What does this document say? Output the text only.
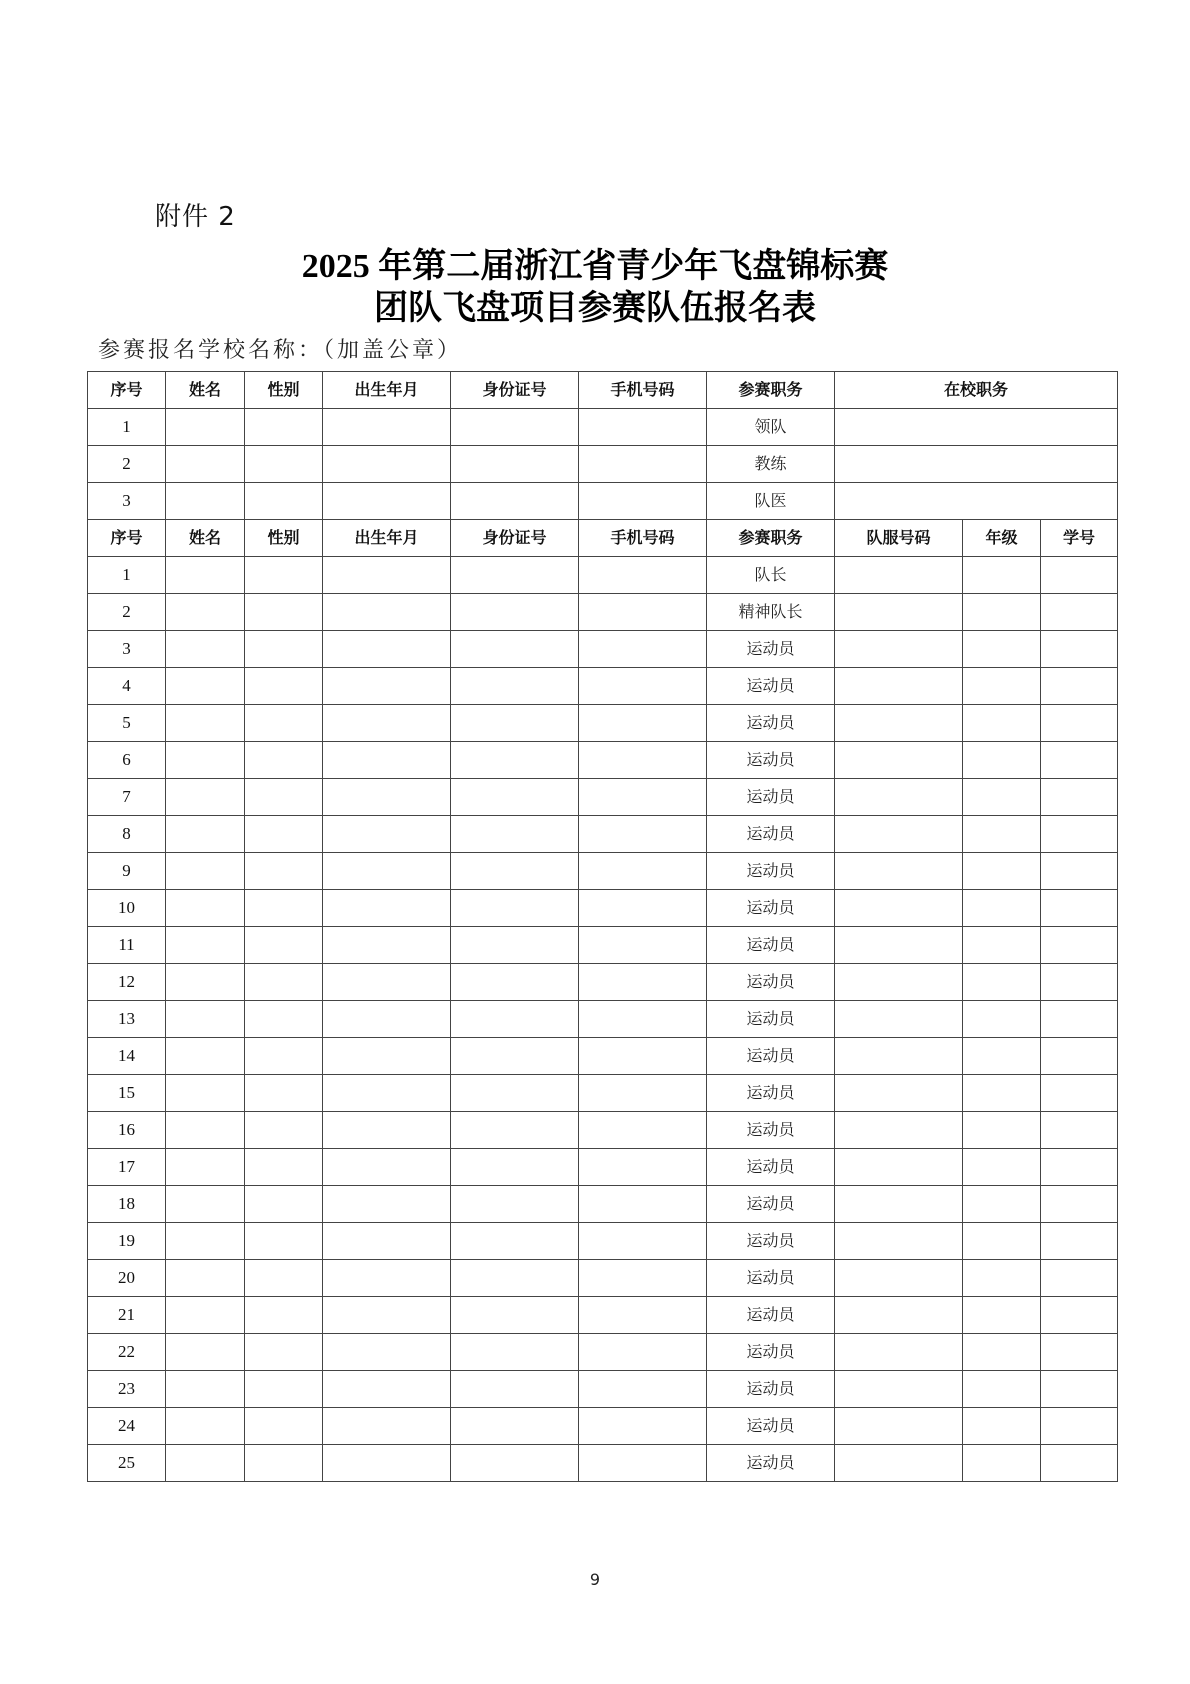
附件 2
2025 年第二届浙江省青少年飞盘锦标赛
团队飞盘项目参赛队伍报名表
参赛报名学校名称：（加盖公章）
序号	姓名	性别	出生年月	身份证号	手机号码	参赛职务	在校职务		
1						领队			
2						教练			
3						队医			
序号	姓名	性别	出生年月	身份证号	手机号码	参赛职务	队服号码	年级	学号
1						队长			
2						精神队长			
3						运动员			
4						运动员			
5						运动员			
6						运动员			
7						运动员			
8						运动员			
9						运动员			
10						运动员			
11						运动员			
12						运动员			
13						运动员			
14						运动员			
15						运动员			
16						运动员			
17						运动员			
18						运动员			
19						运动员			
20						运动员			
21						运动员			
22						运动员			
23						运动员			
24						运动员			
25						运动员			
9
